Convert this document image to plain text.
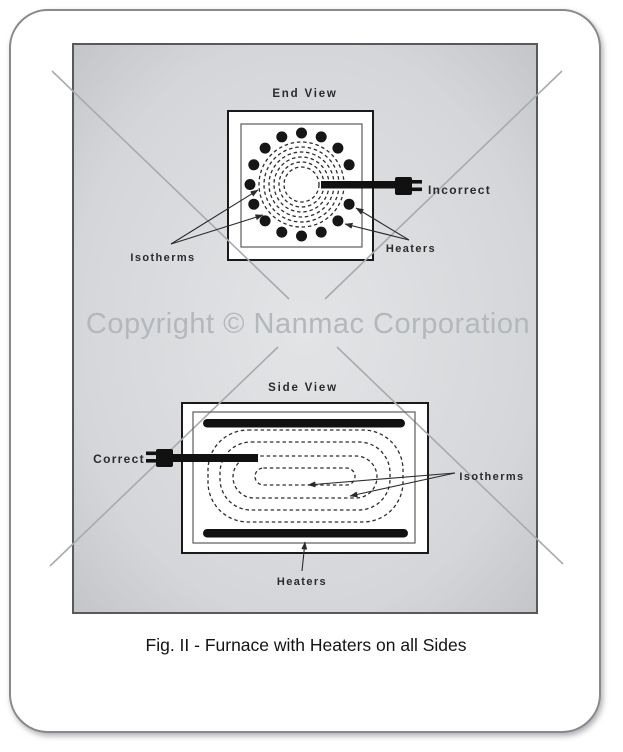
Copyright © Nanmac Corporation
End View
Incorrect
Isotherms
Heaters
Side View
Correct
Isotherms
Heaters
Fig. II - Furnace with Heaters on all Sides
